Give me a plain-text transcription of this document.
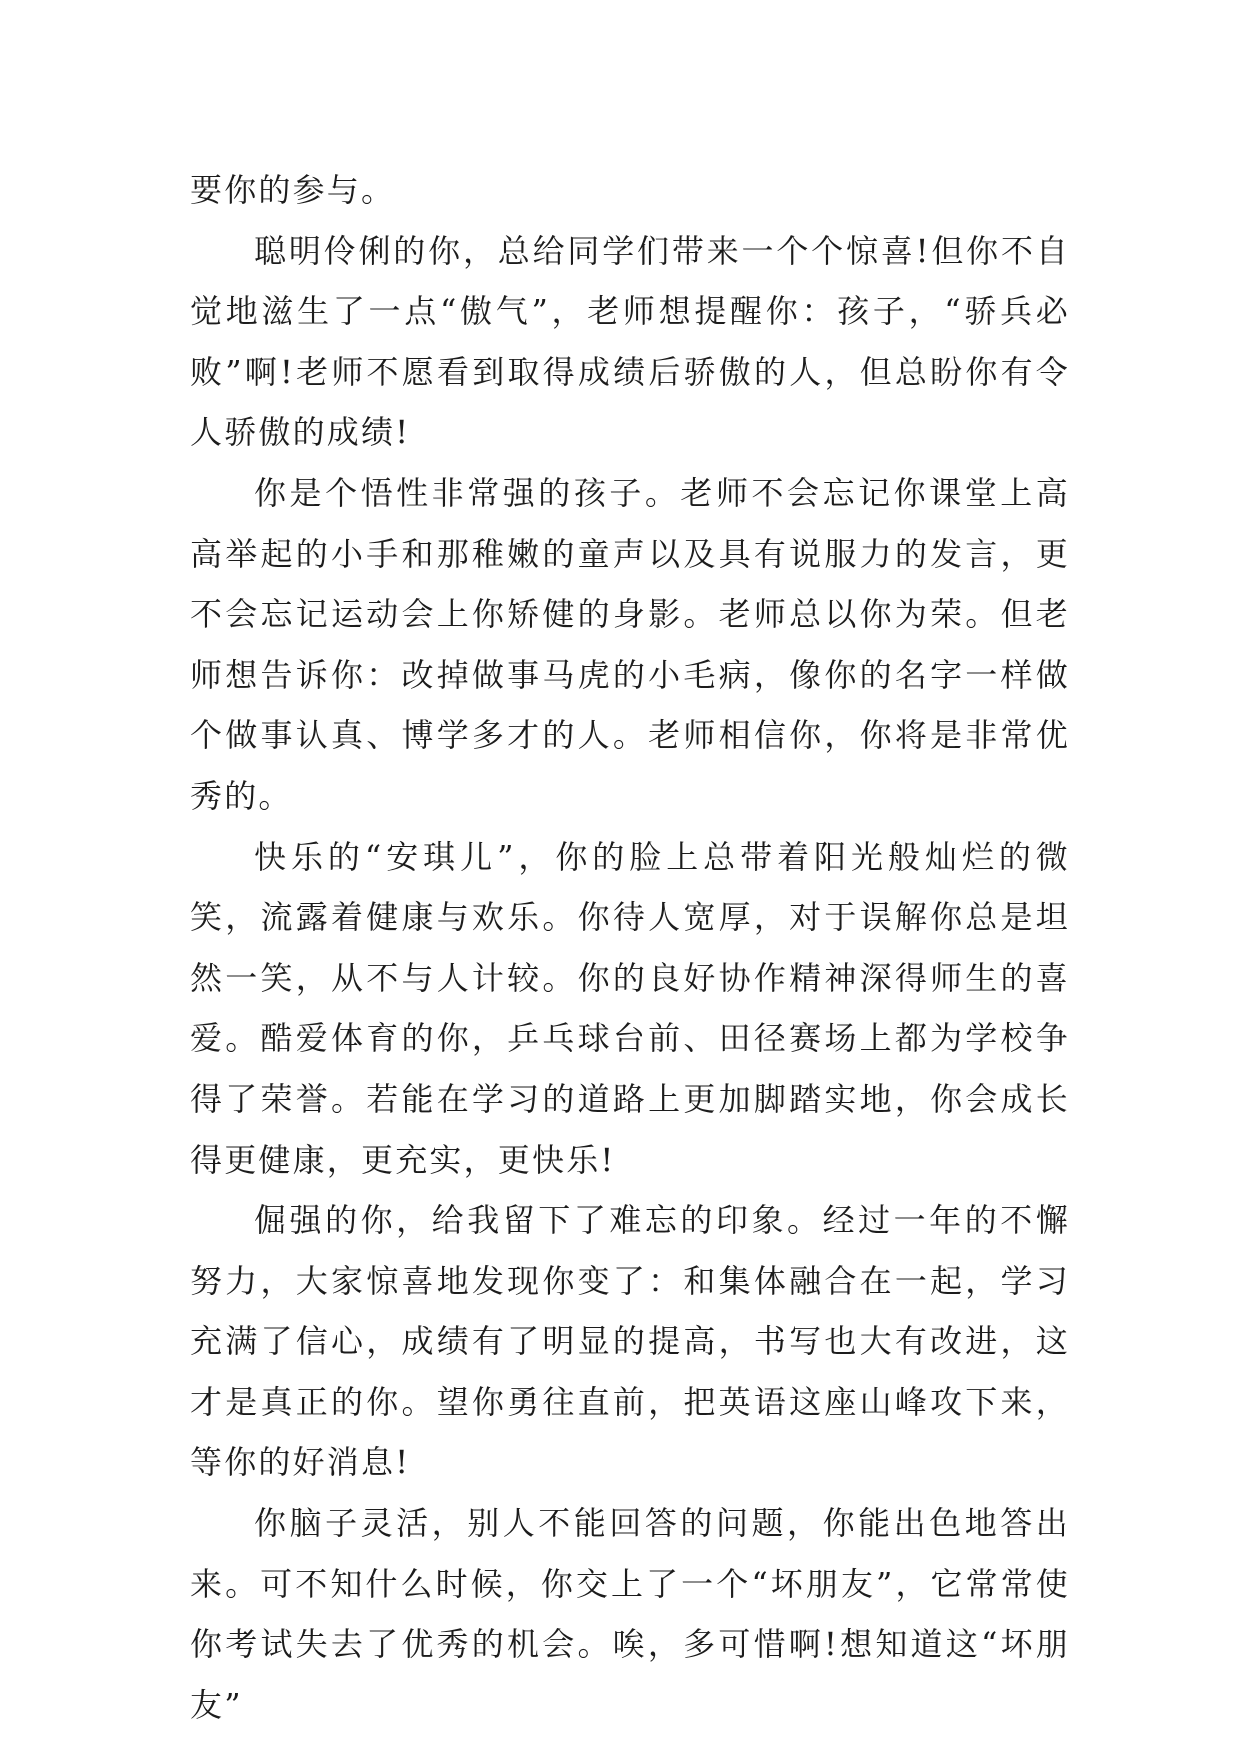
要你的参与。

聪明伶俐的你，总给同学们带来一个个惊喜!但你不自觉地滋生了一点“傲气”，老师想提醒你：孩子，“骄兵必败”啊!老师不愿看到取得成绩后骄傲的人，但总盼你有令人骄傲的成绩!

你是个悟性非常强的孩子。老师不会忘记你课堂上高高举起的小手和那稚嫩的童声以及具有说服力的发言，更不会忘记运动会上你矫健的身影。老师总以你为荣。但老师想告诉你：改掉做事马虎的小毛病，像你的名字一样做个做事认真、博学多才的人。老师相信你，你将是非常优秀的。

快乐的“安琪儿”，你的脸上总带着阳光般灿烂的微笑，流露着健康与欢乐。你待人宽厚，对于误解你总是坦然一笑，从不与人计较。你的良好协作精神深得师生的喜爱。酷爱体育的你，乒乓球台前、田径赛场上都为学校争得了荣誉。若能在学习的道路上更加脚踏实地，你会成长得更健康，更充实，更快乐!

倔强的你，给我留下了难忘的印象。经过一年的不懈努力，大家惊喜地发现你变了：和集体融合在一起，学习充满了信心，成绩有了明显的提高，书写也大有改进，这才是真正的你。望你勇往直前，把英语这座山峰攻下来，等你的好消息!

你脑子灵活，别人不能回答的问题，你能出色地答出来。可不知什么时候，你交上了一个“坏朋友”，它常常使你考试失去了优秀的机会。唉，多可惜啊!想知道这“坏朋友”
